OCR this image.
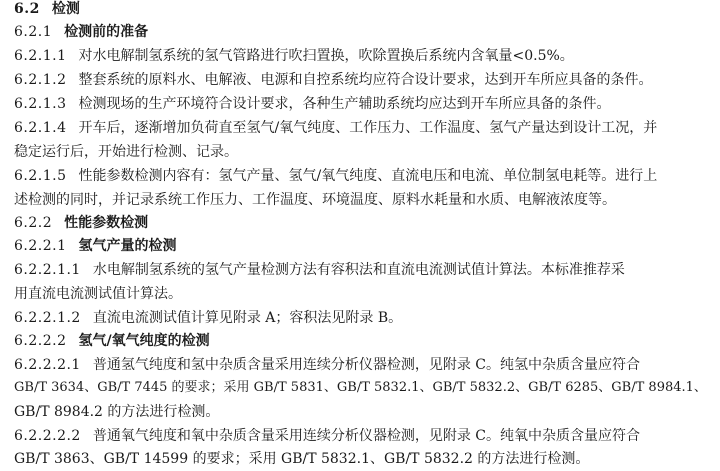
6.2 检测
6.2.1 检测前的准备
6.2.1.1 对水电解制氢系统的氢气管路进行吹扫置换，吹除置换后系统内含氧量<0.5%。
6.2.1.2 整套系统的原料水、电解液、电源和自控系统均应符合设计要求，达到开车所应具备的条件。
6.2.1.3 检测现场的生产环境符合设计要求，各种生产辅助系统均应达到开车所应具备的条件。
6.2.1.4 开车后，逐渐增加负荷直至氢气/氧气纯度、工作压力、工作温度、氢气产量达到设计工况，并
稳定运行后，开始进行检测、记录。
6.2.1.5 性能参数检测内容有：氢气产量、氢气/氧气纯度、直流电压和电流、单位制氢电耗等。进行上
述检测的同时，并记录系统工作压力、工作温度、环境温度、原料水耗量和水质、电解液浓度等。
6.2.2 性能参数检测
6.2.2.1 氢气产量的检测
6.2.2.1.1 水电解制氢系统的氢气产量检测方法有容积法和直流电流测试值计算法。本标准推荐采
用直流电流测试值计算法。
6.2.2.1.2 直流电流测试值计算见附录 A；容积法见附录 B。
6.2.2.2 氢气/氧气纯度的检测
6.2.2.2.1 普通氢气纯度和氢中杂质含量采用连续分析仪器检测，见附录 C。纯氢中杂质含量应符合
GB/T 3634、GB/T 7445 的要求；采用 GB/T 5831、GB/T 5832.1、GB/T 5832.2、GB/T 6285、GB/T 8984.1、
GB/T 8984.2 的方法进行检测。
6.2.2.2.2 普通氧气纯度和氧中杂质含量采用连续分析仪器检测，见附录 C。纯氧中杂质含量应符合
GB/T 3863、GB/T 14599 的要求；采用 GB/T 5832.1、GB/T 5832.2 的方法进行检测。
